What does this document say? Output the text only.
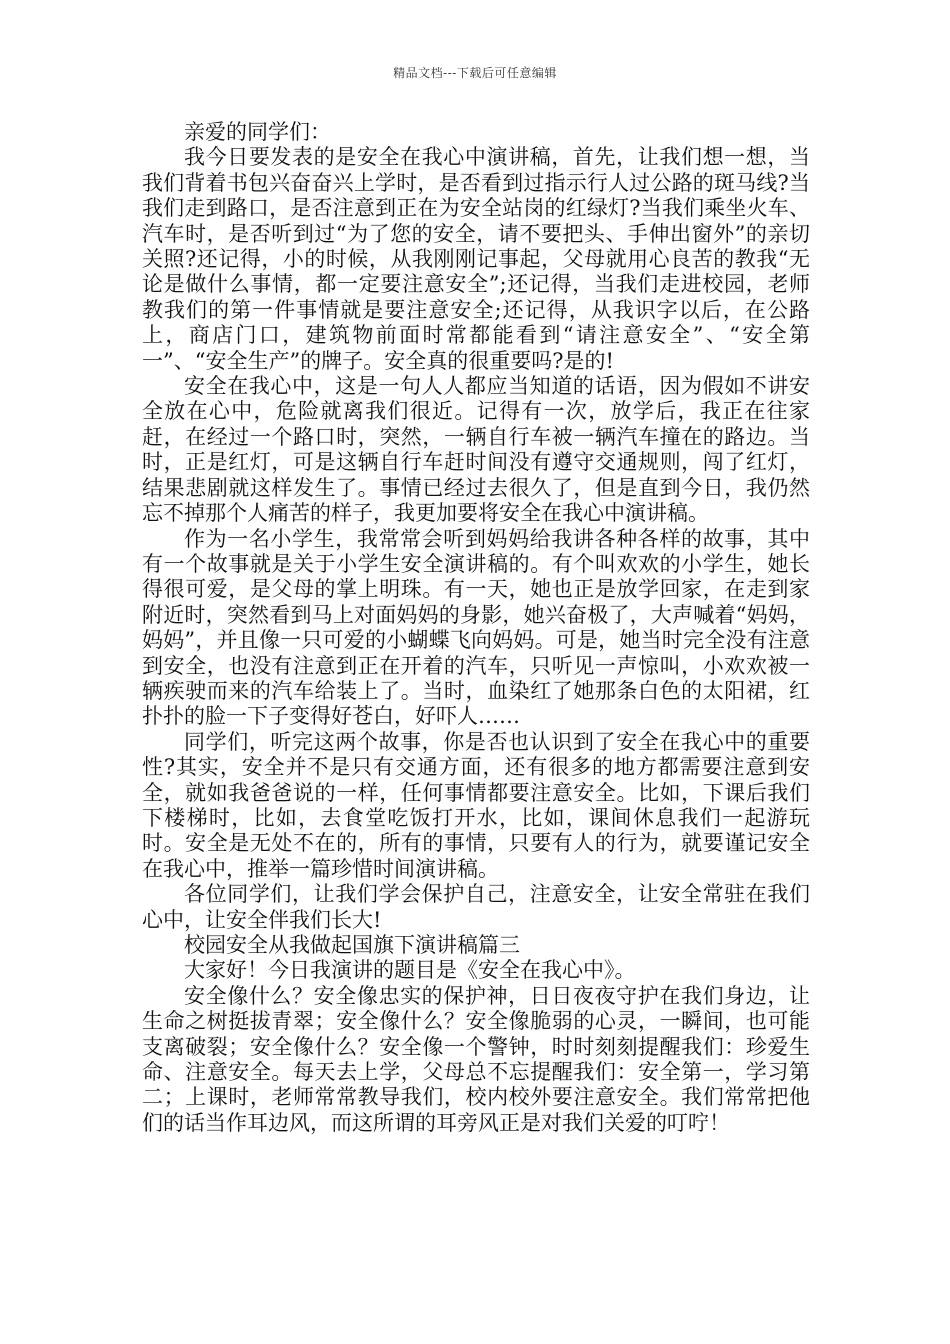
精品文档---下载后可任意编辑

亲爱的同学们：

我今日要发表的是安全在我心中演讲稿，首先，让我们想一想，当我们背着书包兴奋奋兴上学时，是否看到过指示行人过公路的斑马线?当我们走到路口，是否注意到正在为安全站岗的红绿灯?当我们乘坐火车、汽车时，是否听到过“为了您的安全，请不要把头、手伸出窗外”的亲切关照?还记得，小的时候，从我刚刚记事起，父母就用心良苦的教我“无论是做什么事情，都一定要注意安全”;还记得，当我们走进校园，老师教我们的第一件事情就是要注意安全;还记得，从我识字以后，在公路上，商店门口，建筑物前面时常都能看到“请注意安全”、“安全第一”、“安全生产”的牌子。安全真的很重要吗?是的!

安全在我心中，这是一句人人都应当知道的话语，因为假如不讲安全放在心中，危险就离我们很近。记得有一次，放学后，我正在往家赶，在经过一个路口时，突然，一辆自行车被一辆汽车撞在的路边。当时，正是红灯，可是这辆自行车赶时间没有遵守交通规则，闯了红灯，结果悲剧就这样发生了。事情已经过去很久了，但是直到今日，我仍然忘不掉那个人痛苦的样子，我更加要将安全在我心中演讲稿。

作为一名小学生，我常常会听到妈妈给我讲各种各样的故事，其中有一个故事就是关于小学生安全演讲稿的。有个叫欢欢的小学生，她长得很可爱，是父母的掌上明珠。有一天，她也正是放学回家，在走到家附近时，突然看到马上对面妈妈的身影，她兴奋极了，大声喊着“妈妈，妈妈”，并且像一只可爱的小蝴蝶飞向妈妈。可是，她当时完全没有注意到安全，也没有注意到正在开着的汽车，只听见一声惊叫，小欢欢被一辆疾驶而来的汽车给装上了。当时，血染红了她那条白色的太阳裙，红扑扑的脸一下子变得好苍白，好吓人……

同学们，听完这两个故事，你是否也认识到了安全在我心中的重要性?其实，安全并不是只有交通方面，还有很多的地方都需要注意到安全，就如我爸爸说的一样，任何事情都要注意安全。比如，下课后我们下楼梯时，比如，去食堂吃饭打开水，比如，课间休息我们一起游玩时。安全是无处不在的，所有的事情，只要有人的行为，就要谨记安全在我心中，推举一篇珍惜时间演讲稿。

各位同学们，让我们学会保护自己，注意安全，让安全常驻在我们心中，让安全伴我们长大!

校园安全从我做起国旗下演讲稿篇三

大家好！今日我演讲的题目是《安全在我心中》。

安全像什么？安全像忠实的保护神，日日夜夜守护在我们身边，让生命之树挺拔青翠；安全像什么？安全像脆弱的心灵，一瞬间，也可能支离破裂；安全像什么？安全像一个警钟，时时刻刻提醒我们：珍爱生命、注意安全。每天去上学，父母总不忘提醒我们：安全第一，学习第二；上课时，老师常常教导我们，校内校外要注意安全。我们常常把他们的话当作耳边风，而这所谓的耳旁风正是对我们关爱的叮咛！
